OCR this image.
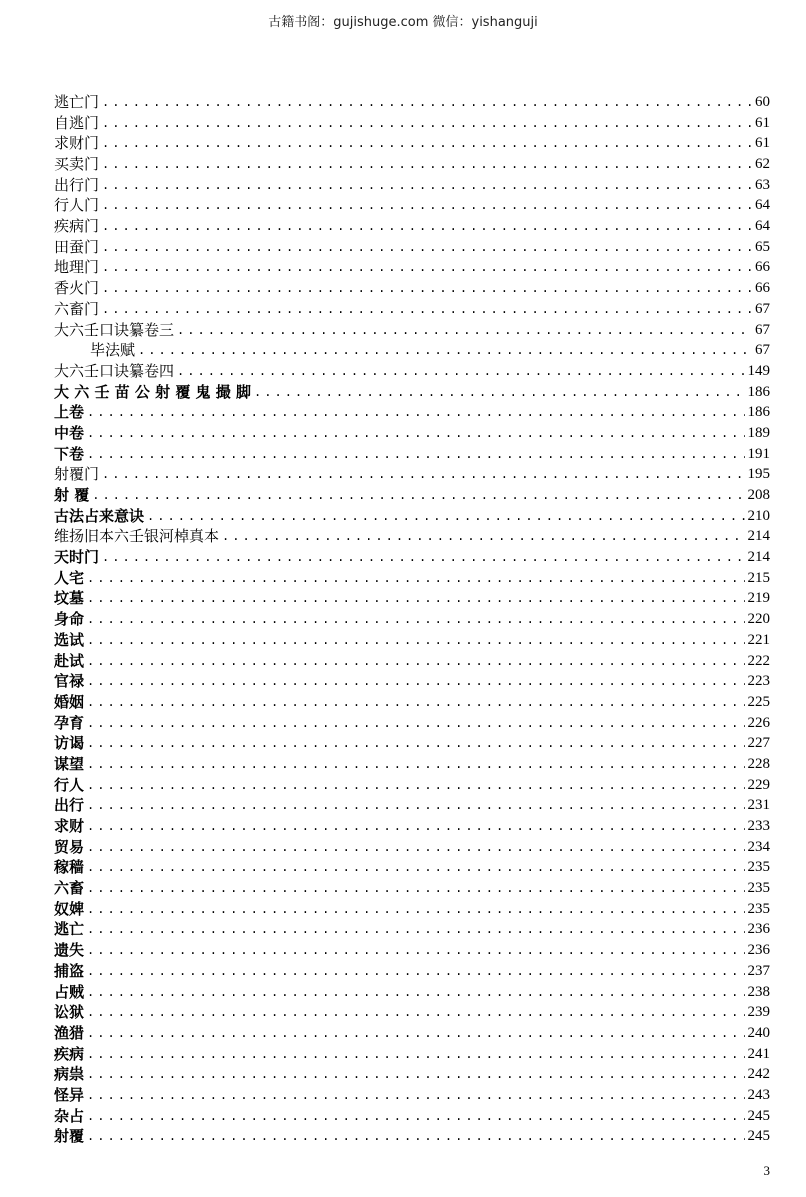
古籍书阁：gujishuge.com 微信：yishanguji
逃亡门 .....	60
自逃门 .....	61
求财门 .....	61
买卖门 .....	62
出行门 .....	63
行人门 .....	64
疾病门 .....	64
田蚕门 .....	65
地理门 .....	66
香火门 .....	66
六畜门 .....	67
大六壬口诀纂卷三 .....	67
毕法赋 .....	67
大六壬口诀纂卷四 .....	149
大 六 壬 苗 公 射 覆 鬼 撮 脚 .....	186
上卷 .....	186
中卷 .....	189
下卷 .....	191
射覆门 .....	195
射 覆 .....	208
古法占来意诀 .....	210
维扬旧本六壬银河棹真本 .....	214
天时门 .....	214
人宅 .....	215
坟墓 .....	219
身命 .....	220
选试 .....	221
赴试 .....	222
官禄 .....	223
婚姻 .....	225
孕育 .....	226
访谒 .....	227
谋望 .....	228
行人 .....	229
出行 .....	231
求财 .....	233
贸易 .....	234
稼穑 .....	235
六畜 .....	235
奴婢 .....	235
逃亡 .....	236
遗失 .....	236
捕盗 .....	237
占贼 .....	238
讼狱 .....	239
渔猎 .....	240
疾病 .....	241
病祟 .....	242
怪异 .....	243
杂占 .....	245
射覆 .....	245
3
